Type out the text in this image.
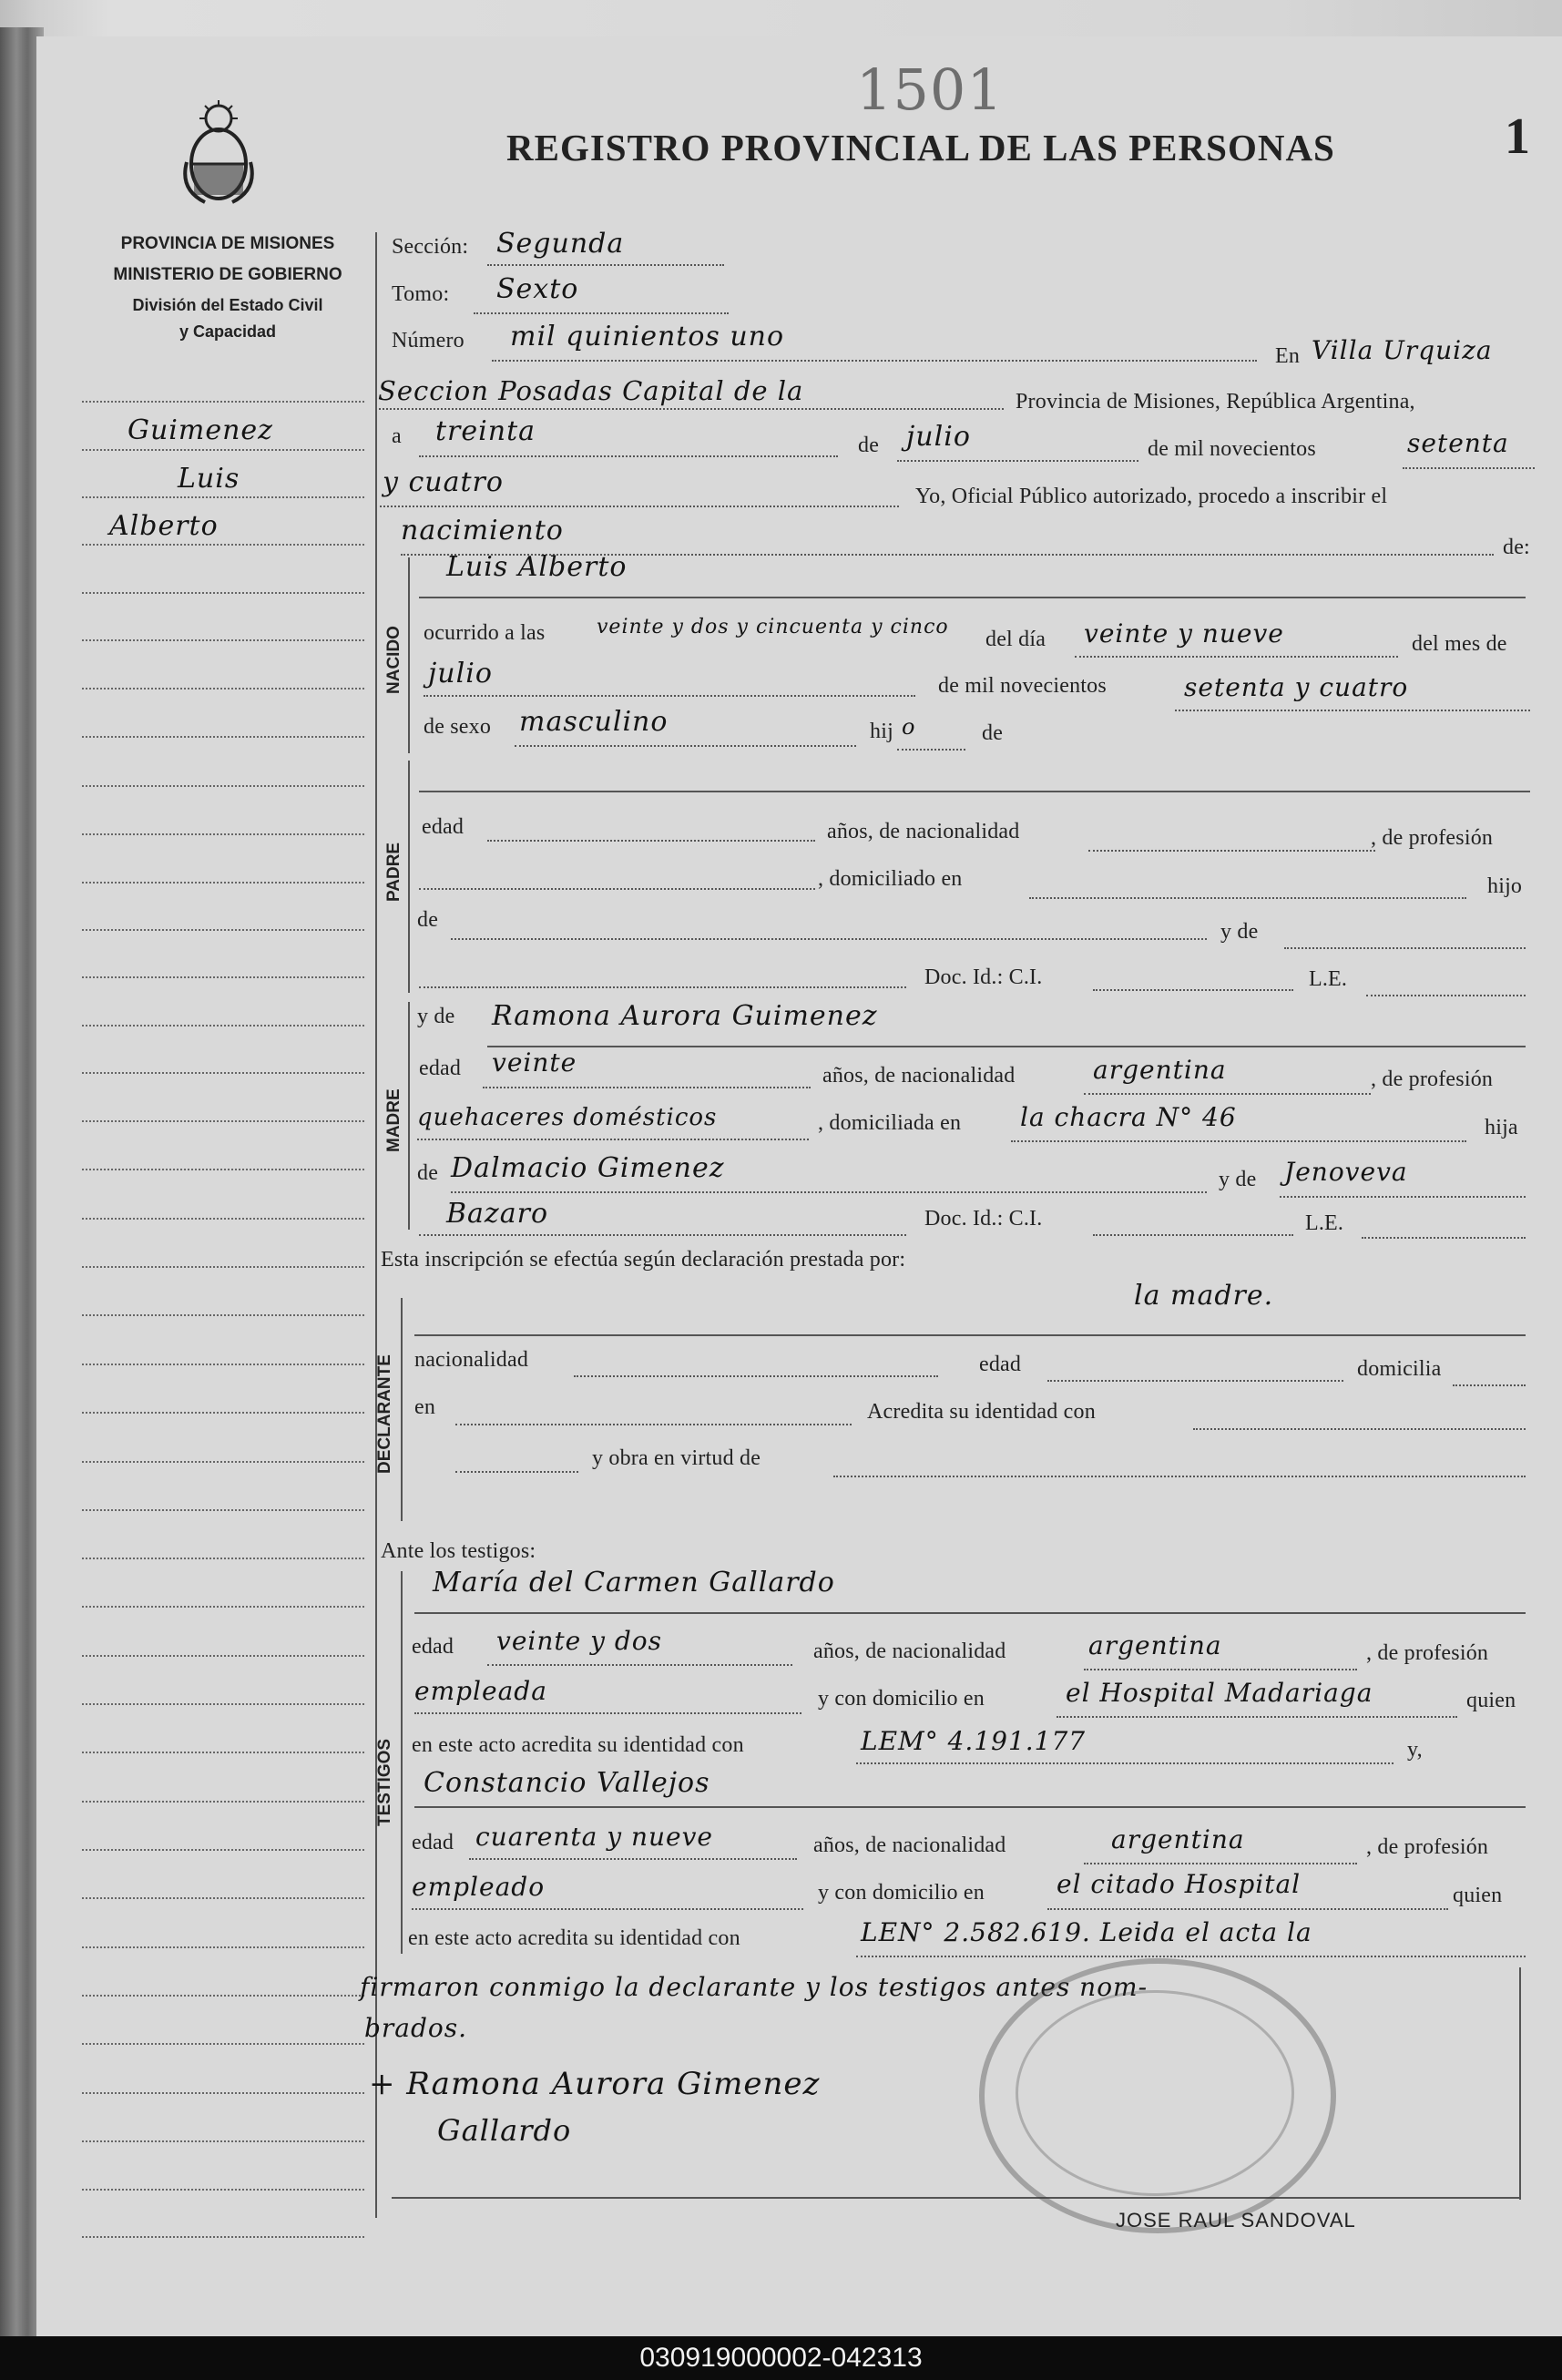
REGISTRO PROVINCIAL DE LAS PERSONAS	1
1501
PROVINCIA DE MISIONES
MINISTERIO DE GOBIERNO
División del Estado Civil
y Capacidad
Guimenez
Luis
Alberto
Sección: Segunda
Tomo: Sexto
Número mil quinientos uno
En Villa Urquiza
Seccion Posadas Capital de la	Provincia de Misiones, República Argentina,
a treinta	de julio	de mil novecientos	setenta
y cuatro	Yo, Oficial Público autorizado, procedo a inscribir el
nacimiento
de:
NACIDO
Luis Alberto
ocurrido a las	veinte y dos y cincuenta y cinco
del día veinte y nueve	del mes de
julio	de mil novecientos	setenta y cuatro
de sexo masculino	hij o	de
PADRE
edad	años, de nacionalidad	, de profesión
, domiciliado en	hijo
de	y de
Doc. Id.: C.I.	L.E.
MADRE
y de Ramona Aurora Guimenez
edad veinte	años, de nacionalidad	argentina	, de profesión
quehaceres domésticos	, domiciliada en la chacra N° 46	hija
de Dalmacio Gimenez	y de Jenoveva
Bazaro	Doc. Id.: C.I.	L.E.
Esta inscripción se efectúa según declaración prestada por:
DECLARANTE
la madre.
nacionalidad	edad	domicilia
en	Acredita su identidad con
y obra en virtud de
Ante los testigos:
TESTIGOS
María del Carmen Gallardo
edad veinte y dos	años, de nacionalidad	argentina	, de profesión
empleada	y con domicilio en	el Hospital Madariaga	quien
en este acto acredita su identidad con	LEM° 4.191.177	y,
Constancio Vallejos
edad cuarenta y nueve	años, de nacionalidad	argentina	, de profesión
empleado	y con domicilio en	el citado Hospital	quien
en este acto acredita su identidad con	LEN° 2.582.619. Leida el acta la
firmaron conmigo la declarante y los testigos antes nom-
brados.
+ Ramona Aurora Gimenez
Gallardo
JOSE RAUL SANDOVAL
030919000002-042313
